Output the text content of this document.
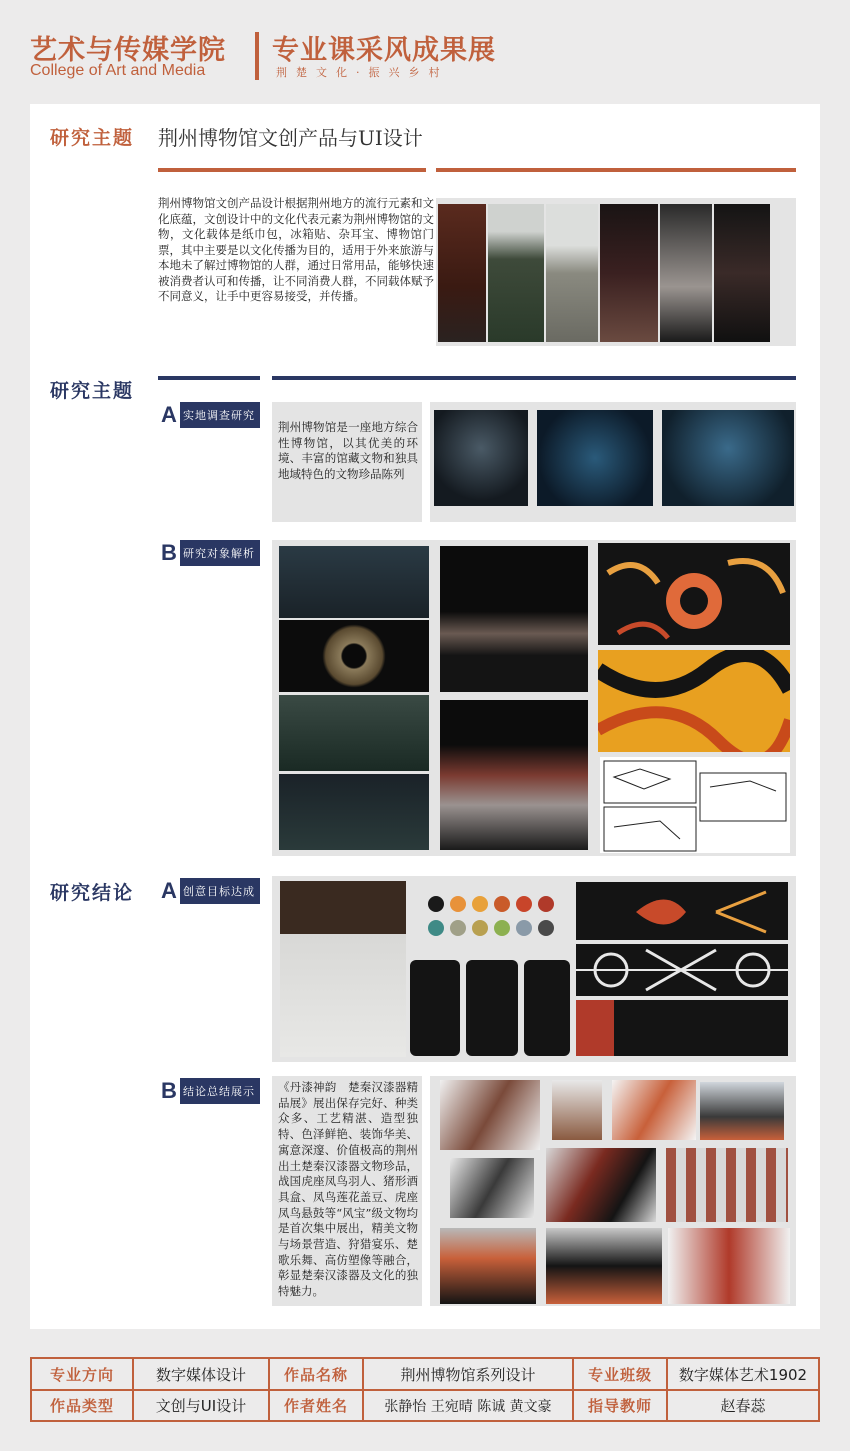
艺术与传媒学院
College of Art and Media
专业课采风成果展
荆楚文化·振兴乡村
研究主题 荆州博物馆文创产品与UI设计
荆州博物馆文创产品设计根据荆州地方的流行元素和文化底蕴，文创设计中的文化代表元素为荆州博物馆的文物，文化载体是纸巾包，冰箱贴、杂耳宝、博物馆门票，其中主要是以文化传播为目的，适用于外来旅游与本地未了解过博物馆的人群，通过日常用品，能够快速被消费者认可和传播，让不同消费人群，不同载体赋予不同意义，让手中更容易接受，并传播。
研究主题
A 实地调查研究
荆州博物馆是一座地方综合性博物馆，以其优美的环境、丰富的馆藏文物和独具地域特色的文物珍品陈列
B 研究对象解析
研究结论 A 创意目标达成
B 结论总结展示 《丹漆神韵　楚秦汉漆器精品展》展出保存完好、种类众多、工艺精湛、造型独特、色泽鲜艳、装饰华美、寓意深邃、价值极高的荆州出土楚秦汉漆器文物珍品，战国虎座凤鸟羽人、猪形酒具盒、凤鸟莲花盖豆、虎座凤鸟悬鼓等“风宝”级文物均是首次集中展出，精美文物与场景营造、狩猎宴乐、楚歌乐舞、高仿塑像等融合，彰显楚秦汉漆器及文化的独特魅力。
专业方向	数字媒体设计	作品名称	荆州博物馆系列设计	专业班级	数字媒体艺术1902
作品类型	文创与UI设计	作者姓名	张静怡 王宛晴 陈诚 黄文豪	指导教师	赵春蕊
